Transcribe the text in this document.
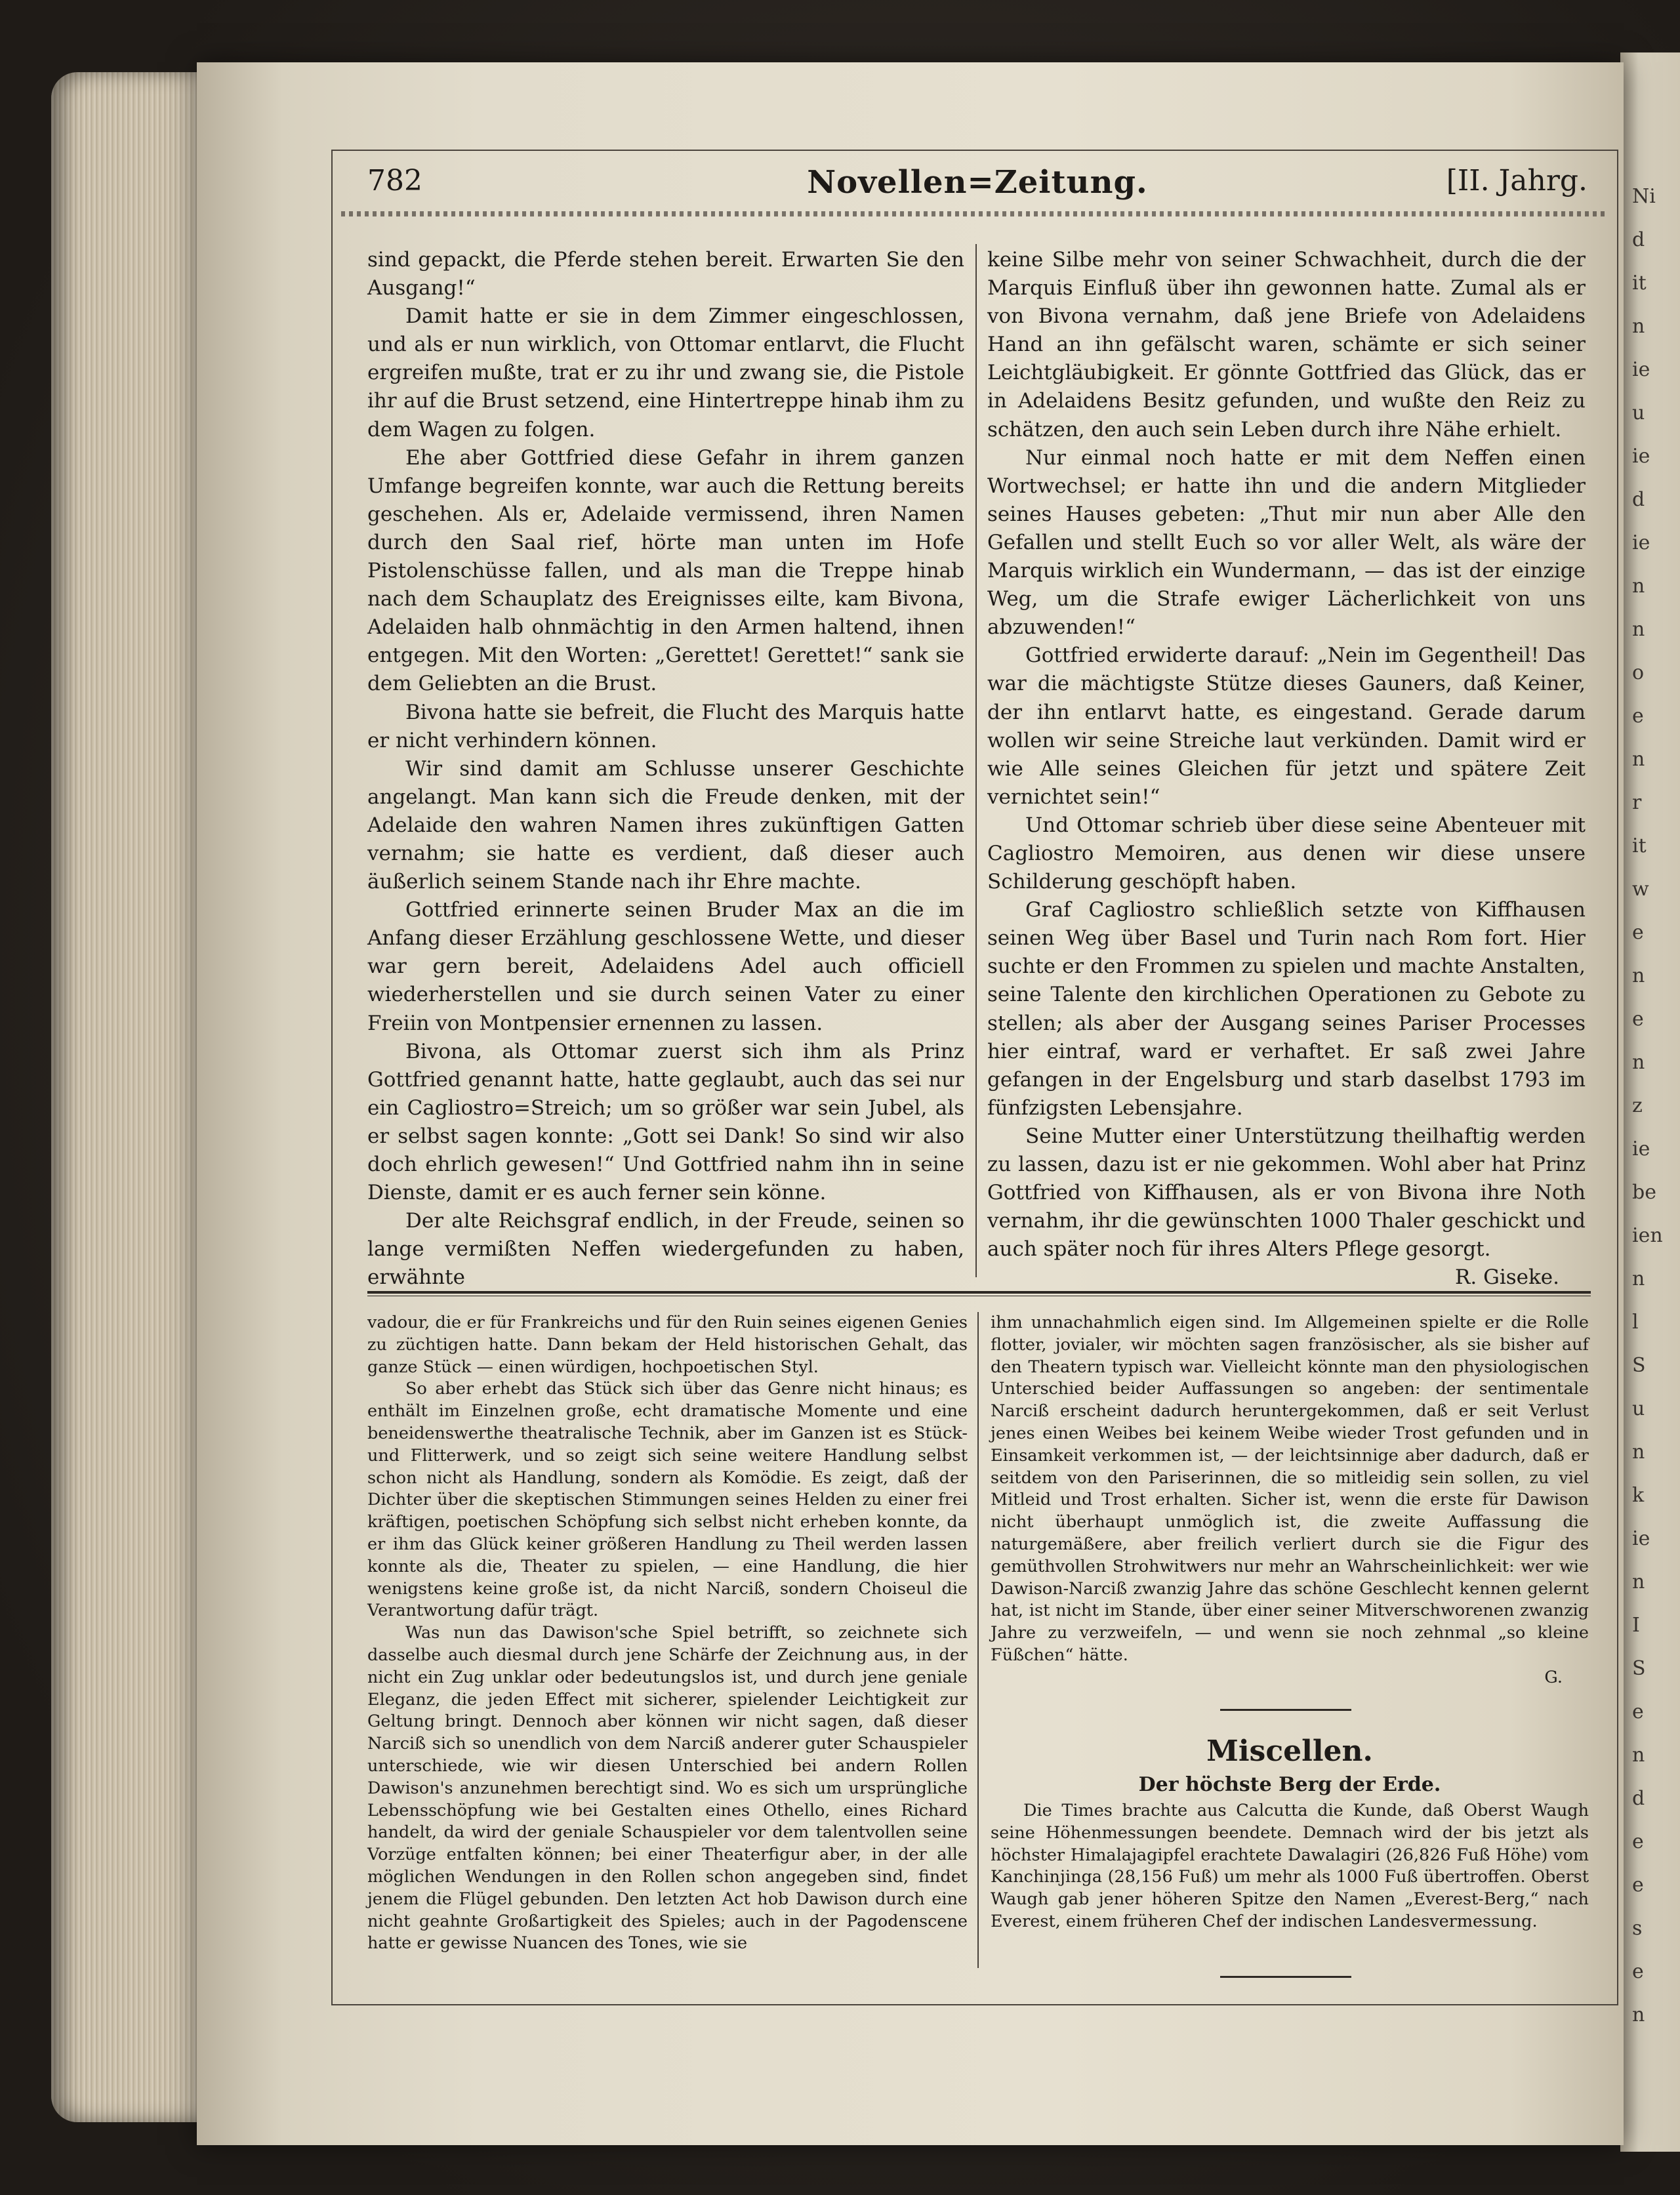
Ni
d
it
n
ie
u
ie
d
ie
n
n
o
e
n
r
it
w
e
n
e
n
z
ie
be
ien
n
l
S
u
n
k
ie
n
I
S
e
n
d
e
e
s
e
n
782	Novellen=Zeitung.	[II. Jahrg.

sind gepackt, die Pferde stehen bereit. Erwarten Sie den Ausgang!“

Damit hatte er sie in dem Zimmer eingeschlossen, und als er nun wirklich, von Ottomar entlarvt, die Flucht ergreifen mußte, trat er zu ihr und zwang sie, die Pistole ihr auf die Brust setzend, eine Hintertreppe hinab ihm zu dem Wagen zu folgen.

Ehe aber Gottfried diese Gefahr in ihrem ganzen Umfange begreifen konnte, war auch die Rettung bereits geschehen. Als er, Adelaide vermissend, ihren Namen durch den Saal rief, hörte man unten im Hofe Pistolenschüsse fallen, und als man die Treppe hinab nach dem Schauplatz des Ereignisses eilte, kam Bivona, Adelaiden halb ohnmächtig in den Armen haltend, ihnen entgegen. Mit den Worten: „Gerettet! Gerettet!“ sank sie dem Geliebten an die Brust.

Bivona hatte sie befreit, die Flucht des Marquis hatte er nicht verhindern können.

Wir sind damit am Schlusse unserer Geschichte angelangt. Man kann sich die Freude denken, mit der Adelaide den wahren Namen ihres zukünftigen Gatten vernahm; sie hatte es verdient, daß dieser auch äußerlich seinem Stande nach ihr Ehre machte.

Gottfried erinnerte seinen Bruder Max an die im Anfang dieser Erzählung geschlossene Wette, und dieser war gern bereit, Adelaidens Adel auch officiell wiederherstellen und sie durch seinen Vater zu einer Freiin von Montpensier ernennen zu lassen.

Bivona, als Ottomar zuerst sich ihm als Prinz Gottfried genannt hatte, hatte geglaubt, auch das sei nur ein Cagliostro=Streich; um so größer war sein Jubel, als er selbst sagen konnte: „Gott sei Dank! So sind wir also doch ehrlich gewesen!“ Und Gottfried nahm ihn in seine Dienste, damit er es auch ferner sein könne.

Der alte Reichsgraf endlich, in der Freude, seinen so lange vermißten Neffen wiedergefunden zu haben, erwähnte

keine Silbe mehr von seiner Schwachheit, durch die der Marquis Einfluß über ihn gewonnen hatte. Zumal als er von Bivona vernahm, daß jene Briefe von Adelaidens Hand an ihn gefälscht waren, schämte er sich seiner Leichtgläubigkeit. Er gönnte Gottfried das Glück, das er in Adelaidens Besitz gefunden, und wußte den Reiz zu schätzen, den auch sein Leben durch ihre Nähe erhielt.

Nur einmal noch hatte er mit dem Neffen einen Wortwechsel; er hatte ihn und die andern Mitglieder seines Hauses gebeten: „Thut mir nun aber Alle den Gefallen und stellt Euch so vor aller Welt, als wäre der Marquis wirklich ein Wundermann, — das ist der einzige Weg, um die Strafe ewiger Lächerlichkeit von uns abzuwenden!“

Gottfried erwiderte darauf: „Nein im Gegentheil! Das war die mächtigste Stütze dieses Gauners, daß Keiner, der ihn entlarvt hatte, es eingestand. Gerade darum wollen wir seine Streiche laut verkünden. Damit wird er wie Alle seines Gleichen für jetzt und spätere Zeit vernichtet sein!“

Und Ottomar schrieb über diese seine Abenteuer mit Cagliostro Memoiren, aus denen wir diese unsere Schilderung geschöpft haben.

Graf Cagliostro schließlich setzte von Kiffhausen seinen Weg über Basel und Turin nach Rom fort. Hier suchte er den Frommen zu spielen und machte Anstalten, seine Talente den kirchlichen Operationen zu Gebote zu stellen; als aber der Ausgang seines Pariser Processes hier eintraf, ward er verhaftet. Er saß zwei Jahre gefangen in der Engelsburg und starb daselbst 1793 im fünfzigsten Lebensjahre.

Seine Mutter einer Unterstützung theilhaftig werden zu lassen, dazu ist er nie gekommen. Wohl aber hat Prinz Gottfried von Kiffhausen, als er von Bivona ihre Noth vernahm, ihr die gewünschten 1000 Thaler geschickt und auch später noch für ihres Alters Pflege gesorgt.

R. Giseke.

vadour, die er für Frankreichs und für den Ruin seines eigenen Genies zu züchtigen hatte. Dann bekam der Held historischen Gehalt, das ganze Stück — einen würdigen, hochpoetischen Styl.

So aber erhebt das Stück sich über das Genre nicht hinaus; es enthält im Einzelnen große, echt dramatische Momente und eine beneidenswerthe theatralische Technik, aber im Ganzen ist es Stück- und Flitterwerk, und so zeigt sich seine weitere Handlung selbst schon nicht als Handlung, sondern als Komödie. Es zeigt, daß der Dichter über die skeptischen Stimmungen seines Helden zu einer frei kräftigen, poetischen Schöpfung sich selbst nicht erheben konnte, da er ihm das Glück keiner größeren Handlung zu Theil werden lassen konnte als die, Theater zu spielen, — eine Handlung, die hier wenigstens keine große ist, da nicht Narciß, sondern Choiseul die Verantwortung dafür trägt.

Was nun das Dawison'sche Spiel betrifft, so zeichnete sich dasselbe auch diesmal durch jene Schärfe der Zeichnung aus, in der nicht ein Zug unklar oder bedeutungslos ist, und durch jene geniale Eleganz, die jeden Effect mit sicherer, spielender Leichtigkeit zur Geltung bringt. Dennoch aber können wir nicht sagen, daß dieser Narciß sich so unendlich von dem Narciß anderer guter Schauspieler unterschiede, wie wir diesen Unterschied bei andern Rollen Dawison's anzunehmen berechtigt sind. Wo es sich um ursprüngliche Lebensschöpfung wie bei Gestalten eines Othello, eines Richard handelt, da wird der geniale Schauspieler vor dem talentvollen seine Vorzüge entfalten können; bei einer Theaterfigur aber, in der alle möglichen Wendungen in den Rollen schon angegeben sind, findet jenem die Flügel gebunden. Den letzten Act hob Dawison durch eine nicht geahnte Großartigkeit des Spieles; auch in der Pagodenscene hatte er gewisse Nuancen des Tones, wie sie

ihm unnachahmlich eigen sind. Im Allgemeinen spielte er die Rolle flotter, jovialer, wir möchten sagen französischer, als sie bisher auf den Theatern typisch war. Vielleicht könnte man den physiologischen Unterschied beider Auffassungen so angeben: der sentimentale Narciß erscheint dadurch heruntergekommen, daß er seit Verlust jenes einen Weibes bei keinem Weibe wieder Trost gefunden und in Einsamkeit verkommen ist, — der leichtsinnige aber dadurch, daß er seitdem von den Pariserinnen, die so mitleidig sein sollen, zu viel Mitleid und Trost erhalten. Sicher ist, wenn die erste für Dawison nicht überhaupt unmöglich ist, die zweite Auffassung die naturgemäßere, aber freilich verliert durch sie die Figur des gemüthvollen Strohwitwers nur mehr an Wahrscheinlichkeit: wer wie Dawison-Narciß zwanzig Jahre das schöne Geschlecht kennen gelernt hat, ist nicht im Stande, über einer seiner Mitverschworenen zwanzig Jahre zu verzweifeln, — und wenn sie noch zehnmal „so kleine Füßchen“ hätte.

G.

Miscellen.
Der höchste Berg der Erde.

Die Times brachte aus Calcutta die Kunde, daß Oberst Waugh seine Höhenmessungen beendete. Demnach wird der bis jetzt als höchster Himalajagipfel erachtete Dawalagiri (26,826 Fuß Höhe) vom Kanchinjinga (28,156 Fuß) um mehr als 1000 Fuß übertroffen. Oberst Waugh gab jener höheren Spitze den Namen „Everest-Berg,“ nach Everest, einem früheren Chef der indischen Landesvermessung.
